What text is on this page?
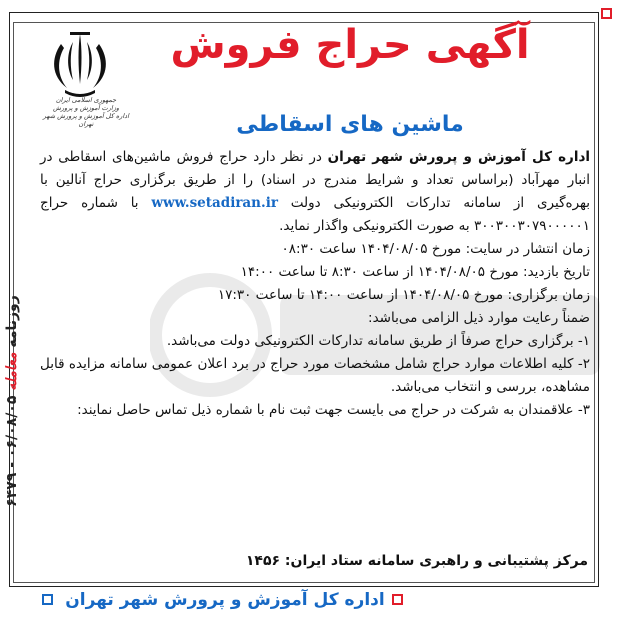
روزنامه معامله ۰۶/۰۸/۰۵ - ۶۴۷۹
جمهوری اسلامی ایران
وزارت آموزش و پرورش
اداره کل آموزش و پرورش شهر تهران
آگهی حراج فروش
ماشین های اسقاطی

اداره کل آموزش و پرورش شهر تهران در نظر دارد حراج فروش ماشین‌های اسقاطی در انبار مهرآباد (براساس تعداد و شرایط مندرج در اسناد) را از طریق برگزاری حراج آنالین با بهره‌گیری از سامانه تدارکات الکترونیکی دولت www.setadiran.ir با شماره حراج ۳۰۰۳۰۰۳۰۷۹۰۰۰۰۰۱ به صورت الکترونیکی واگذار نماید.

زمان انتشار در سایت: مورخ ۱۴۰۴/۰۸/۰۵ ساعت ۰۸:۳۰

تاریخ بازدید: مورخ ۱۴۰۴/۰۸/۰۵ از ساعت ۸:۳۰ تا ساعت ۱۴:۰۰

زمان برگزاری: مورخ ۱۴۰۴/۰۸/۰۵ از ساعت ۱۴:۰۰ تا ساعت ۱۷:۳۰

ضمناً رعایت موارد ذیل الزامی می‌باشد:

۱- برگزاری حراج صرفاً از طریق سامانه تدارکات الکترونیکی دولت می‌باشد.

۲- کلیه اطلاعات موارد حراج شامل مشخصات مورد حراج در برد اعلان عمومی سامانه مزایده قابل مشاهده، بررسی و انتخاب می‌باشد.

۳- علاقمندان به شرکت در حراج می بایست جهت ثبت نام با شماره ذیل تماس حاصل نمایند:

مرکز پشتیبانی و راهبری سامانه ستاد ایران: ۱۴۵۶
اداره کل آموزش و پرورش شهر تهران
